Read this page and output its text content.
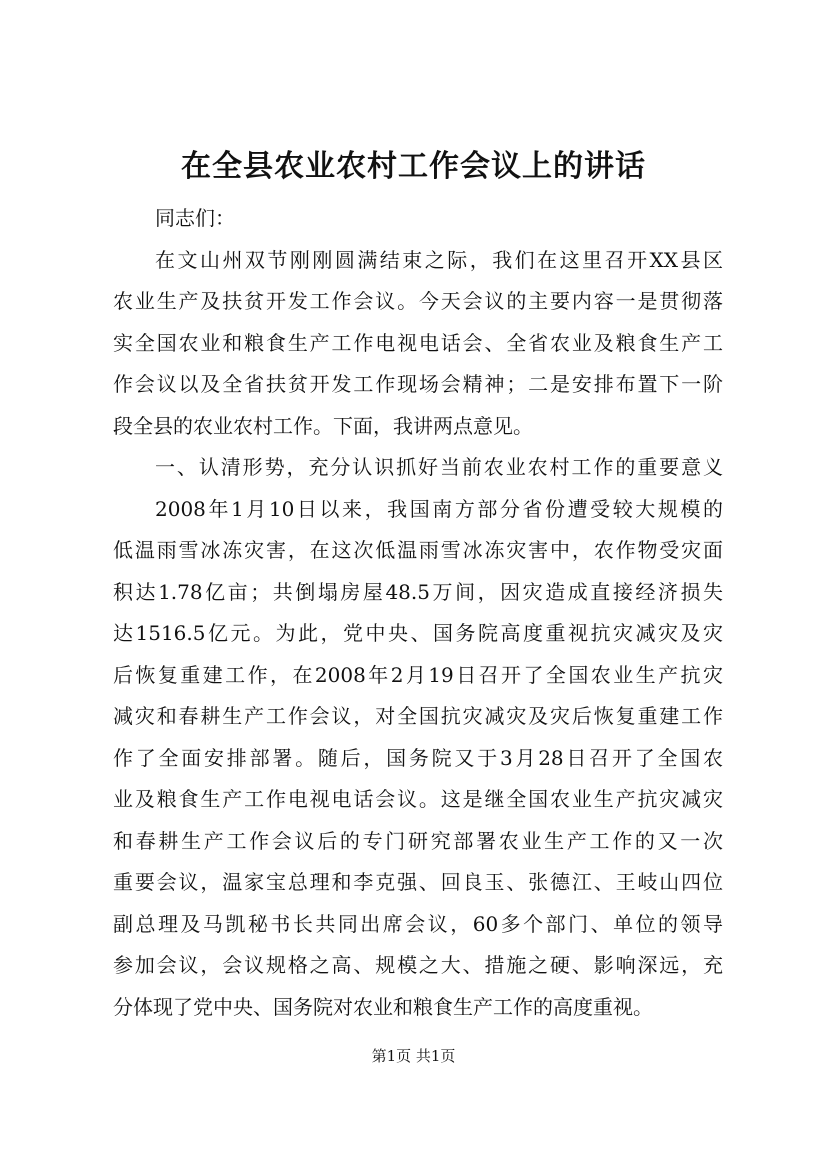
在全县农业农村工作会议上的讲话
同志们：
在文山州双节刚刚圆满结束之际，我们在这里召开XX县区
农业生产及扶贫开发工作会议。今天会议的主要内容一是贯彻落
实全国农业和粮食生产工作电视电话会、全省农业及粮食生产工
作会议以及全省扶贫开发工作现场会精神；二是安排布置下一阶
段全县的农业农村工作。下面，我讲两点意见。
一、认清形势，充分认识抓好当前农业农村工作的重要意义
2008年1月10日以来，我国南方部分省份遭受较大规模的
低温雨雪冰冻灾害，在这次低温雨雪冰冻灾害中，农作物受灾面
积达1.78亿亩；共倒塌房屋48.5万间，因灾造成直接经济损失
达1516.5亿元。为此，党中央、国务院高度重视抗灾减灾及灾
后恢复重建工作，在2008年2月19日召开了全国农业生产抗灾
减灾和春耕生产工作会议，对全国抗灾减灾及灾后恢复重建工作
作了全面安排部署。随后，国务院又于3月28日召开了全国农
业及粮食生产工作电视电话会议。这是继全国农业生产抗灾减灾
和春耕生产工作会议后的专门研究部署农业生产工作的又一次
重要会议，温家宝总理和李克强、回良玉、张德江、王岐山四位
副总理及马凯秘书长共同出席会议，60多个部门、单位的领导
参加会议，会议规格之高、规模之大、措施之硬、影响深远，充
分体现了党中央、国务院对农业和粮食生产工作的高度重视。
第1页 共1页
